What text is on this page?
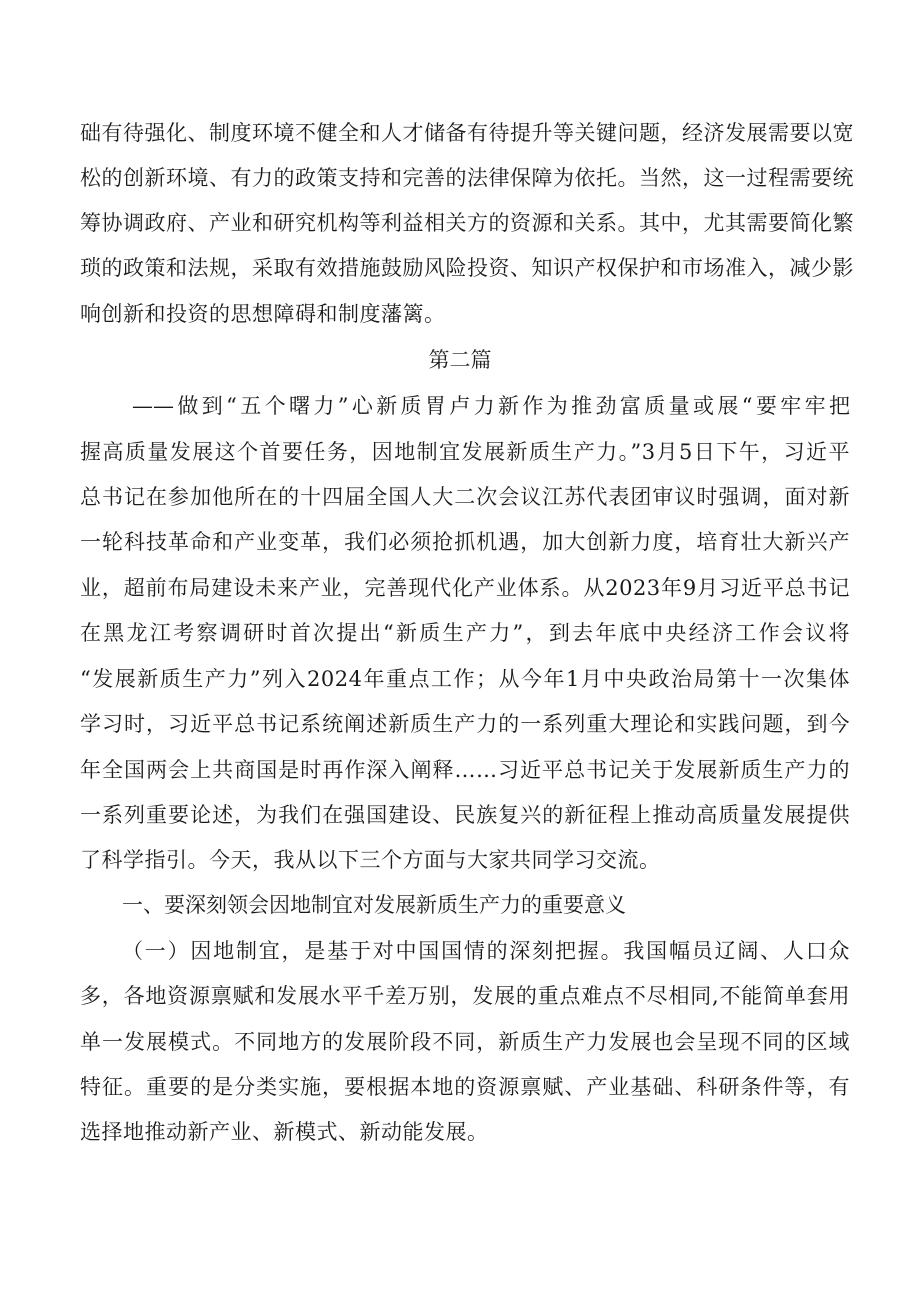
础有待强化、制度环境不健全和人才储备有待提升等关键问题，经济发展需要以宽
松的创新环境、有力的政策支持和完善的法律保障为依托。当然，这一过程需要统
筹协调政府、产业和研究机构等利益相关方的资源和关系。其中，尤其需要简化繁
琐的政策和法规，采取有效措施鼓励风险投资、知识产权保护和市场准入，减少影
响创新和投资的思想障碍和制度藩篱。
第二篇
——做到“五个曙力”心新质胃卢力新作为推劲富质量或展“要牢牢把
握高质量发展这个首要任务，因地制宜发展新质生产力。”3月5日下午，习近平
总书记在参加他所在的十四届全国人大二次会议江苏代表团审议时强调，面对新
一轮科技革命和产业变革，我们必须抢抓机遇，加大创新力度，培育壮大新兴产
业，超前布局建设未来产业，完善现代化产业体系。从2023年9月习近平总书记
在黑龙江考察调研时首次提出“新质生产力”，到去年底中央经济工作会议将
“发展新质生产力”列入2024年重点工作；从今年1月中央政治局第十一次集体
学习时，习近平总书记系统阐述新质生产力的一系列重大理论和实践问题，到今
年全国两会上共商国是时再作深入阐释……习近平总书记关于发展新质生产力的
一系列重要论述，为我们在强国建设、民族复兴的新征程上推动高质量发展提供
了科学指引。今天，我从以下三个方面与大家共同学习交流。
一、要深刻领会因地制宜对发展新质生产力的重要意义
（一）因地制宜，是基于对中国国情的深刻把握。我国幅员辽阔、人口众
多，各地资源禀赋和发展水平千差万别，发展的重点难点不尽相同,不能简单套用
单一发展模式。不同地方的发展阶段不同，新质生产力发展也会呈现不同的区域
特征。重要的是分类实施，要根据本地的资源禀赋、产业基础、科研条件等，有
选择地推动新产业、新模式、新动能发展。
